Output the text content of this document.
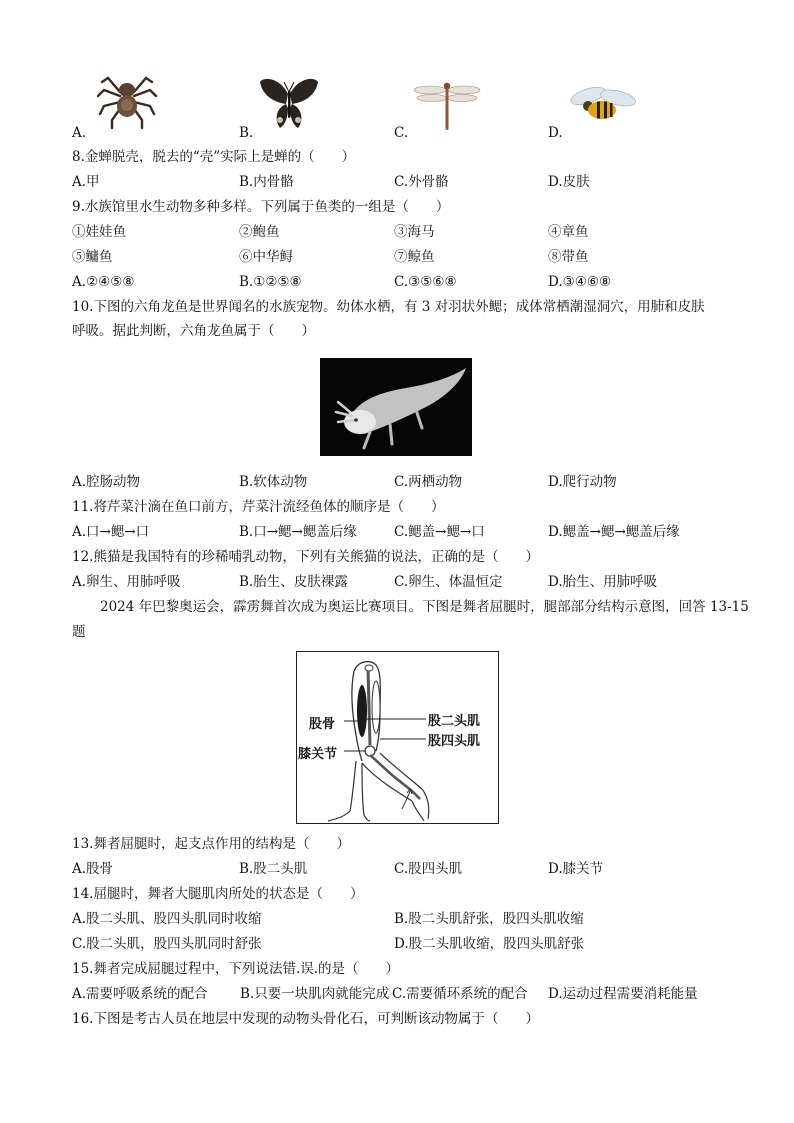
A.	B.	C.	D.
8.金蝉脱壳，脱去的“壳”实际上是蝉的（　　）
A.甲	B.内骨骼	C.外骨骼	D.皮肤
9.水族馆里水生动物多种多样。下列属于鱼类的一组是（　　）
①娃娃鱼	②鲍鱼	③海马	④章鱼
⑤鳙鱼	⑥中华鲟	⑦鲸鱼	⑧带鱼
A.②④⑤⑧	B.①②⑤⑧	C.③⑤⑥⑧	D.③④⑥⑧
10.下图的六角龙鱼是世界闻名的水族宠物。幼体水栖，有 3 对羽状外鳃；成体常栖潮湿洞穴，用肺和皮肤
呼吸。据此判断，六角龙鱼属于（　　）
A.腔肠动物	B.软体动物	C.两栖动物	D.爬行动物
11.将芹菜汁滴在鱼口前方，芹菜汁流经鱼体的顺序是（　　）
A.口→鳃→口	B.口→鳃→鳃盖后缘	C.鳃盖→鳃→口	D.鳃盖→鳃→鳃盖后缘
12.熊猫是我国特有的珍稀哺乳动物，下列有关熊猫的说法，正确的是（　　）
A.卵生、用肺呼吸	B.胎生、皮肤裸露	C.卵生、体温恒定	D.胎生、用肺呼吸
2024 年巴黎奥运会，霹雳舞首次成为奥运比赛项目。下图是舞者屈腿时，腿部部分结构示意图，回答 13-15
题
股骨
膝关节
股二头肌
股四头肌
13.舞者屈腿时，起支点作用的结构是（　　）
A.股骨	B.股二头肌	C.股四头肌	D.膝关节
14.屈腿时，舞者大腿肌肉所处的状态是（　　）
A.股二头肌、股四头肌同时收缩	B.股二头肌舒张，股四头肌收缩
C.股二头肌，股四头肌同时舒张	D.股二头肌收缩，股四头肌舒张
15.舞者完成屈腿过程中，下列说法错.误.的是（　　）
A.需要呼吸系统的配合 B.只要一块肌肉就能完成 C.需要循环系统的配合 D.运动过程需要消耗能量
16.下图是考古人员在地层中发现的动物头骨化石，可判断该动物属于（　　）
